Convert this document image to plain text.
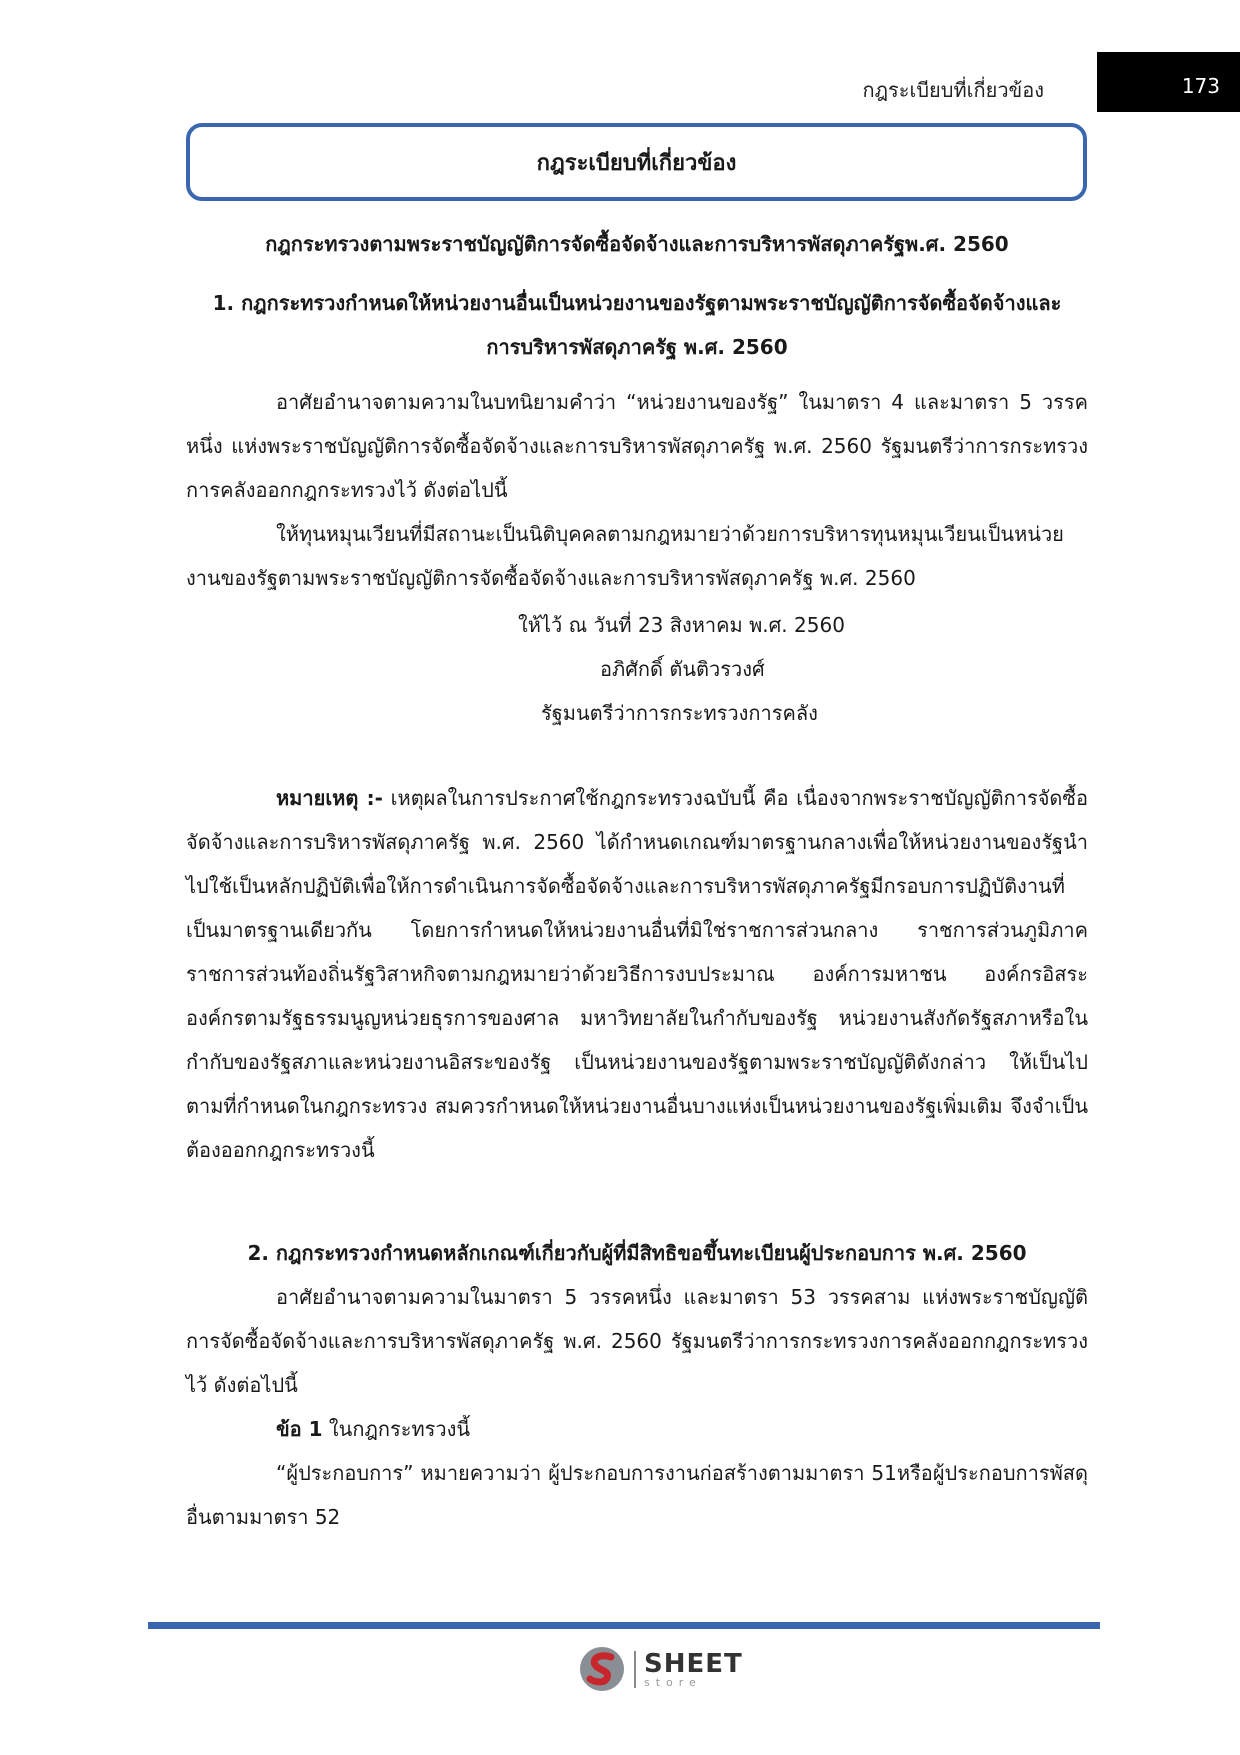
กฎระเบียบที่เกี่ยวข้อง	173
กฎระเบียบที่เกี่ยวข้อง
กฎกระทรวงตามพระราชบัญญัติการจัดซื้อจัดจ้างและการบริหารพัสดุภาครัฐพ.ศ. 2560
1. กฎกระทรวงกำหนดให้หน่วยงานอื่นเป็นหน่วยงานของรัฐตามพระราชบัญญัติการจัดซื้อจัดจ้างและ
การบริหารพัสดุภาครัฐ พ.ศ. 2560
อาศัยอำนาจตามความในบทนิยามคำว่า “หน่วยงานของรัฐ” ในมาตรา 4 และมาตรา 5 วรรคหนึ่ง แห่งพระราชบัญญัติการจัดซื้อจัดจ้างและการบริหารพัสดุภาครัฐ พ.ศ. 2560 รัฐมนตรีว่าการกระทรวงการคลังออกกฎกระทรวงไว้ ดังต่อไปนี้
ให้ทุนหมุนเวียนที่มีสถานะเป็นนิติบุคคลตามกฎหมายว่าด้วยการบริหารทุนหมุนเวียนเป็นหน่วยงานของรัฐตามพระราชบัญญัติการจัดซื้อจัดจ้างและการบริหารพัสดุภาครัฐ พ.ศ. 2560
ให้ไว้ ณ วันที่ 23 สิงหาคม พ.ศ. 2560
อภิศักดิ์ ตันติวรวงศ์
รัฐมนตรีว่าการกระทรวงการคลัง
หมายเหตุ :- เหตุผลในการประกาศใช้กฎกระทรวงฉบับนี้ คือ เนื่องจากพระราชบัญญัติการจัดซื้อจัดจ้างและการบริหารพัสดุภาครัฐ พ.ศ. 2560 ได้กำหนดเกณฑ์มาตรฐานกลางเพื่อให้หน่วยงานของรัฐนำไปใช้เป็นหลักปฏิบัติเพื่อให้การดำเนินการจัดซื้อจัดจ้างและการบริหารพัสดุภาครัฐมีกรอบการปฏิบัติงานที่เป็นมาตรฐานเดียวกัน โดยการกำหนดให้หน่วยงานอื่นที่มิใช่ราชการส่วนกลาง ราชการส่วนภูมิภาค ราชการส่วนท้องถิ่นรัฐวิสาหกิจตามกฎหมายว่าด้วยวิธีการงบประมาณ องค์การมหาชน องค์กรอิสระ องค์กรตามรัฐธรรมนูญหน่วยธุรการของศาล มหาวิทยาลัยในกำกับของรัฐ หน่วยงานสังกัดรัฐสภาหรือในกำกับของรัฐสภาและหน่วยงานอิสระของรัฐ เป็นหน่วยงานของรัฐตามพระราชบัญญัติดังกล่าว ให้เป็นไปตามที่กำหนดในกฎกระทรวง สมควรกำหนดให้หน่วยงานอื่นบางแห่งเป็นหน่วยงานของรัฐเพิ่มเติม จึงจำเป็นต้องออกกฎกระทรวงนี้
2. กฎกระทรวงกำหนดหลักเกณฑ์เกี่ยวกับผู้ที่มีสิทธิขอขึ้นทะเบียนผู้ประกอบการ พ.ศ. 2560
อาศัยอำนาจตามความในมาตรา 5 วรรคหนึ่ง และมาตรา 53 วรรคสาม แห่งพระราชบัญญัติการจัดซื้อจัดจ้างและการบริหารพัสดุภาครัฐ พ.ศ. 2560 รัฐมนตรีว่าการกระทรวงการคลังออกกฎกระทรวงไว้ ดังต่อไปนี้
ข้อ 1 ในกฎกระทรวงนี้
“ผู้ประกอบการ” หมายความว่า ผู้ประกอบการงานก่อสร้างตามมาตรา 51หรือผู้ประกอบการพัสดุอื่นตามมาตรา 52
SHEET
store
